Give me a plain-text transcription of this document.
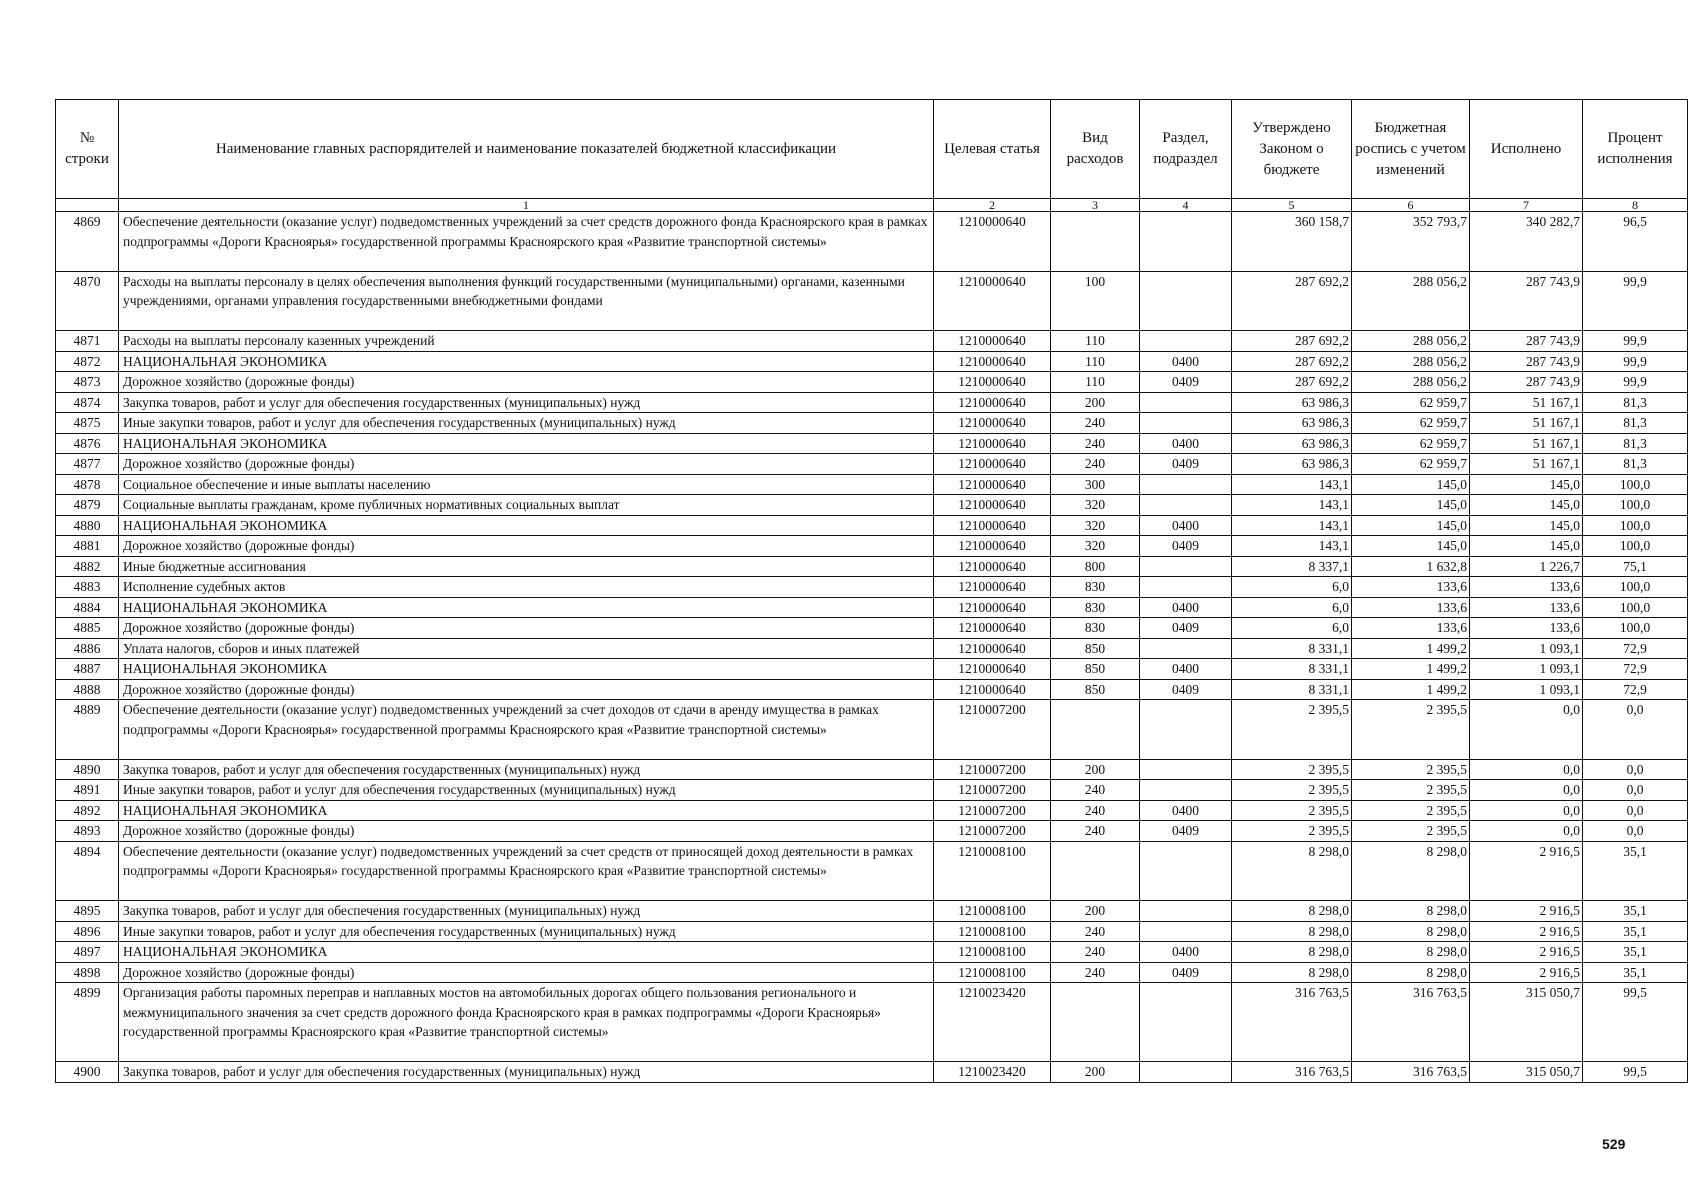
№ строки	Наименование главных распорядителей и наименование показателей бюджетной классификации	Целевая статья	Вид расходов	Раздел, подраздел	Утверждено Законом о бюджете	Бюджетная роспись с учетом изменений	Исполнено	Процент исполнения
	1	2	3	4	5	6	7	8
4869	Обеспечение деятельности (оказание услуг) подведомственных учреждений за счет средств дорожного фонда Красноярского края в рамках подпрограммы «Дороги Красноярья» государственной программы Красноярского края «Развитие транспортной системы»	1210000640			360 158,7	352 793,7	340 282,7	96,5
4870	Расходы на выплаты персоналу в целях обеспечения выполнения функций государственными (муниципальными) органами, казенными учреждениями, органами управления государственными внебюджетными фондами	1210000640	100		287 692,2	288 056,2	287 743,9	99,9
4871	Расходы на выплаты персоналу казенных учреждений	1210000640	110		287 692,2	288 056,2	287 743,9	99,9
4872	НАЦИОНАЛЬНАЯ ЭКОНОМИКА	1210000640	110	0400	287 692,2	288 056,2	287 743,9	99,9
4873	Дорожное хозяйство (дорожные фонды)	1210000640	110	0409	287 692,2	288 056,2	287 743,9	99,9
4874	Закупка товаров, работ и услуг для обеспечения государственных (муниципальных) нужд	1210000640	200		63 986,3	62 959,7	51 167,1	81,3
4875	Иные закупки товаров, работ и услуг для обеспечения государственных (муниципальных) нужд	1210000640	240		63 986,3	62 959,7	51 167,1	81,3
4876	НАЦИОНАЛЬНАЯ ЭКОНОМИКА	1210000640	240	0400	63 986,3	62 959,7	51 167,1	81,3
4877	Дорожное хозяйство (дорожные фонды)	1210000640	240	0409	63 986,3	62 959,7	51 167,1	81,3
4878	Социальное обеспечение и иные выплаты населению	1210000640	300		143,1	145,0	145,0	100,0
4879	Социальные выплаты гражданам, кроме публичных нормативных социальных выплат	1210000640	320		143,1	145,0	145,0	100,0
4880	НАЦИОНАЛЬНАЯ ЭКОНОМИКА	1210000640	320	0400	143,1	145,0	145,0	100,0
4881	Дорожное хозяйство (дорожные фонды)	1210000640	320	0409	143,1	145,0	145,0	100,0
4882	Иные бюджетные ассигнования	1210000640	800		8 337,1	1 632,8	1 226,7	75,1
4883	Исполнение судебных актов	1210000640	830		6,0	133,6	133,6	100,0
4884	НАЦИОНАЛЬНАЯ ЭКОНОМИКА	1210000640	830	0400	6,0	133,6	133,6	100,0
4885	Дорожное хозяйство (дорожные фонды)	1210000640	830	0409	6,0	133,6	133,6	100,0
4886	Уплата налогов, сборов и иных платежей	1210000640	850		8 331,1	1 499,2	1 093,1	72,9
4887	НАЦИОНАЛЬНАЯ ЭКОНОМИКА	1210000640	850	0400	8 331,1	1 499,2	1 093,1	72,9
4888	Дорожное хозяйство (дорожные фонды)	1210000640	850	0409	8 331,1	1 499,2	1 093,1	72,9
4889	Обеспечение деятельности (оказание услуг) подведомственных учреждений за счет доходов от сдачи в аренду имущества в рамках подпрограммы «Дороги Красноярья» государственной программы Красноярского края «Развитие транспортной системы»	1210007200			2 395,5	2 395,5	0,0	0,0
4890	Закупка товаров, работ и услуг для обеспечения государственных (муниципальных) нужд	1210007200	200		2 395,5	2 395,5	0,0	0,0
4891	Иные закупки товаров, работ и услуг для обеспечения государственных (муниципальных) нужд	1210007200	240		2 395,5	2 395,5	0,0	0,0
4892	НАЦИОНАЛЬНАЯ ЭКОНОМИКА	1210007200	240	0400	2 395,5	2 395,5	0,0	0,0
4893	Дорожное хозяйство (дорожные фонды)	1210007200	240	0409	2 395,5	2 395,5	0,0	0,0
4894	Обеспечение деятельности (оказание услуг) подведомственных учреждений за счет средств от приносящей доход деятельности в рамках подпрограммы «Дороги Красноярья» государственной программы Красноярского края «Развитие транспортной системы»	1210008100			8 298,0	8 298,0	2 916,5	35,1
4895	Закупка товаров, работ и услуг для обеспечения государственных (муниципальных) нужд	1210008100	200		8 298,0	8 298,0	2 916,5	35,1
4896	Иные закупки товаров, работ и услуг для обеспечения государственных (муниципальных) нужд	1210008100	240		8 298,0	8 298,0	2 916,5	35,1
4897	НАЦИОНАЛЬНАЯ ЭКОНОМИКА	1210008100	240	0400	8 298,0	8 298,0	2 916,5	35,1
4898	Дорожное хозяйство (дорожные фонды)	1210008100	240	0409	8 298,0	8 298,0	2 916,5	35,1
4899	Организация работы паромных переправ и наплавных мостов на автомобильных дорогах общего пользования регионального и межмуниципального значения за счет средств дорожного фонда Красноярского края в рамках подпрограммы «Дороги Красноярья» государственной программы Красноярского края «Развитие транспортной системы»	1210023420			316 763,5	316 763,5	315 050,7	99,5
4900	Закупка товаров, работ и услуг для обеспечения государственных (муниципальных) нужд	1210023420	200		316 763,5	316 763,5	315 050,7	99,5
529
